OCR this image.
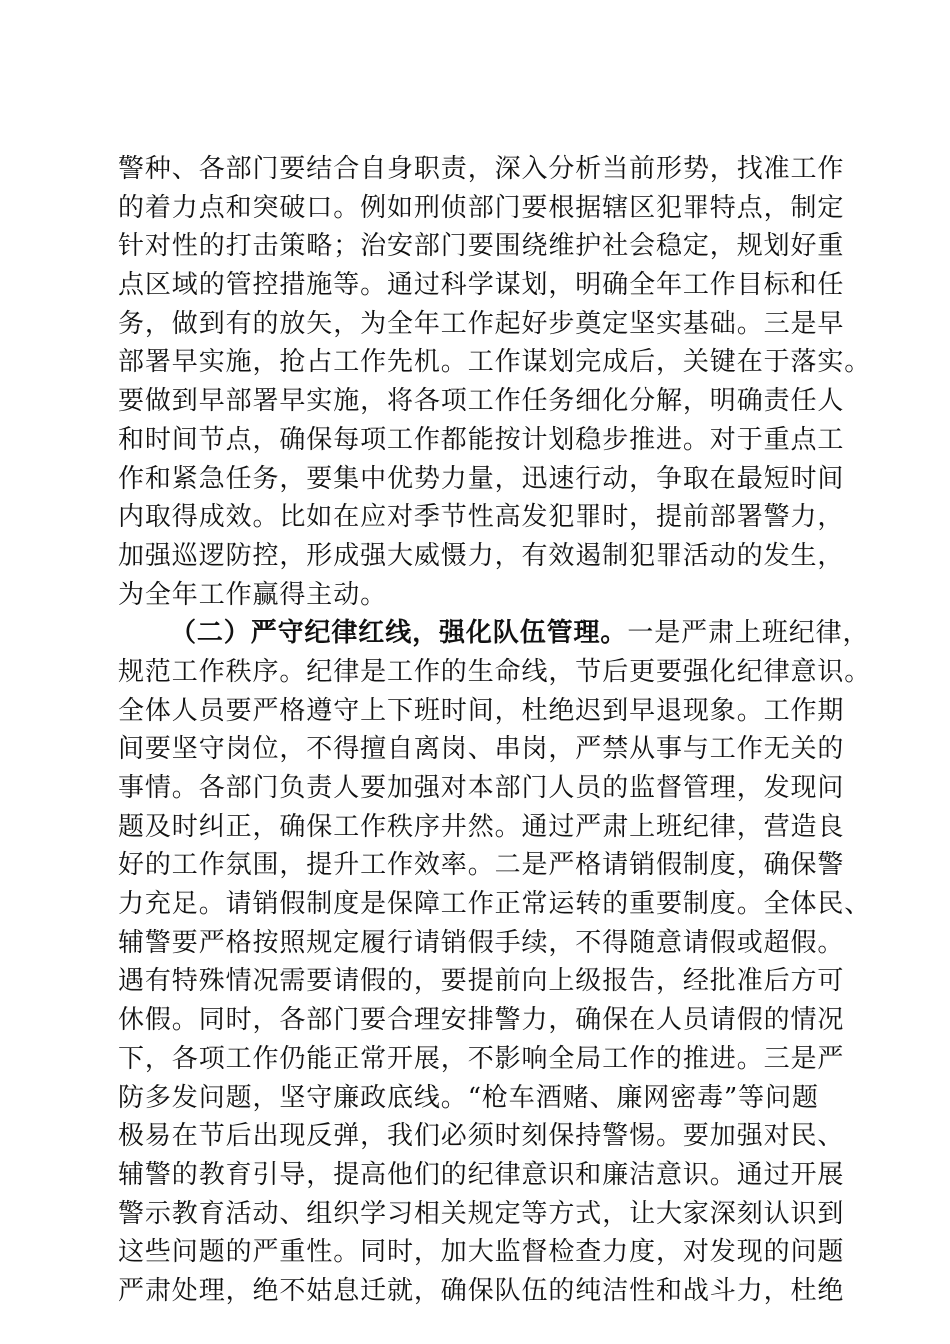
警种、各部门要结合自身职责，深入分析当前形势，找准工作
的着力点和突破口。例如刑侦部门要根据辖区犯罪特点，制定
针对性的打击策略；治安部门要围绕维护社会稳定，规划好重
点区域的管控措施等。通过科学谋划，明确全年工作目标和任
务，做到有的放矢，为全年工作起好步奠定坚实基础。三是早
部署早实施，抢占工作先机。工作谋划完成后，关键在于落实。
要做到早部署早实施，将各项工作任务细化分解，明确责任人
和时间节点，确保每项工作都能按计划稳步推进。对于重点工
作和紧急任务，要集中优势力量，迅速行动，争取在最短时间
内取得成效。比如在应对季节性高发犯罪时，提前部署警力，
加强巡逻防控，形成强大威慑力，有效遏制犯罪活动的发生，
为全年工作赢得主动。
（二）严守纪律红线，强化队伍管理。一是严肃上班纪律，
规范工作秩序。纪律是工作的生命线，节后更要强化纪律意识。
全体人员要严格遵守上下班时间，杜绝迟到早退现象。工作期
间要坚守岗位，不得擅自离岗、串岗，严禁从事与工作无关的
事情。各部门负责人要加强对本部门人员的监督管理，发现问
题及时纠正，确保工作秩序井然。通过严肃上班纪律，营造良
好的工作氛围，提升工作效率。二是严格请销假制度，确保警
力充足。请销假制度是保障工作正常运转的重要制度。全体民、
辅警要严格按照规定履行请销假手续，不得随意请假或超假。
遇有特殊情况需要请假的，要提前向上级报告，经批准后方可
休假。同时，各部门要合理安排警力，确保在人员请假的情况
下，各项工作仍能正常开展，不影响全局工作的推进。三是严
防多发问题，坚守廉政底线。“枪车酒赌、廉网密毒”等问题
极易在节后出现反弹，我们必须时刻保持警惕。要加强对民、
辅警的教育引导，提高他们的纪律意识和廉洁意识。通过开展
警示教育活动、组织学习相关规定等方式，让大家深刻认识到
这些问题的严重性。同时，加大监督检查力度，对发现的问题
严肃处理，绝不姑息迁就，确保队伍的纯洁性和战斗力，杜绝
